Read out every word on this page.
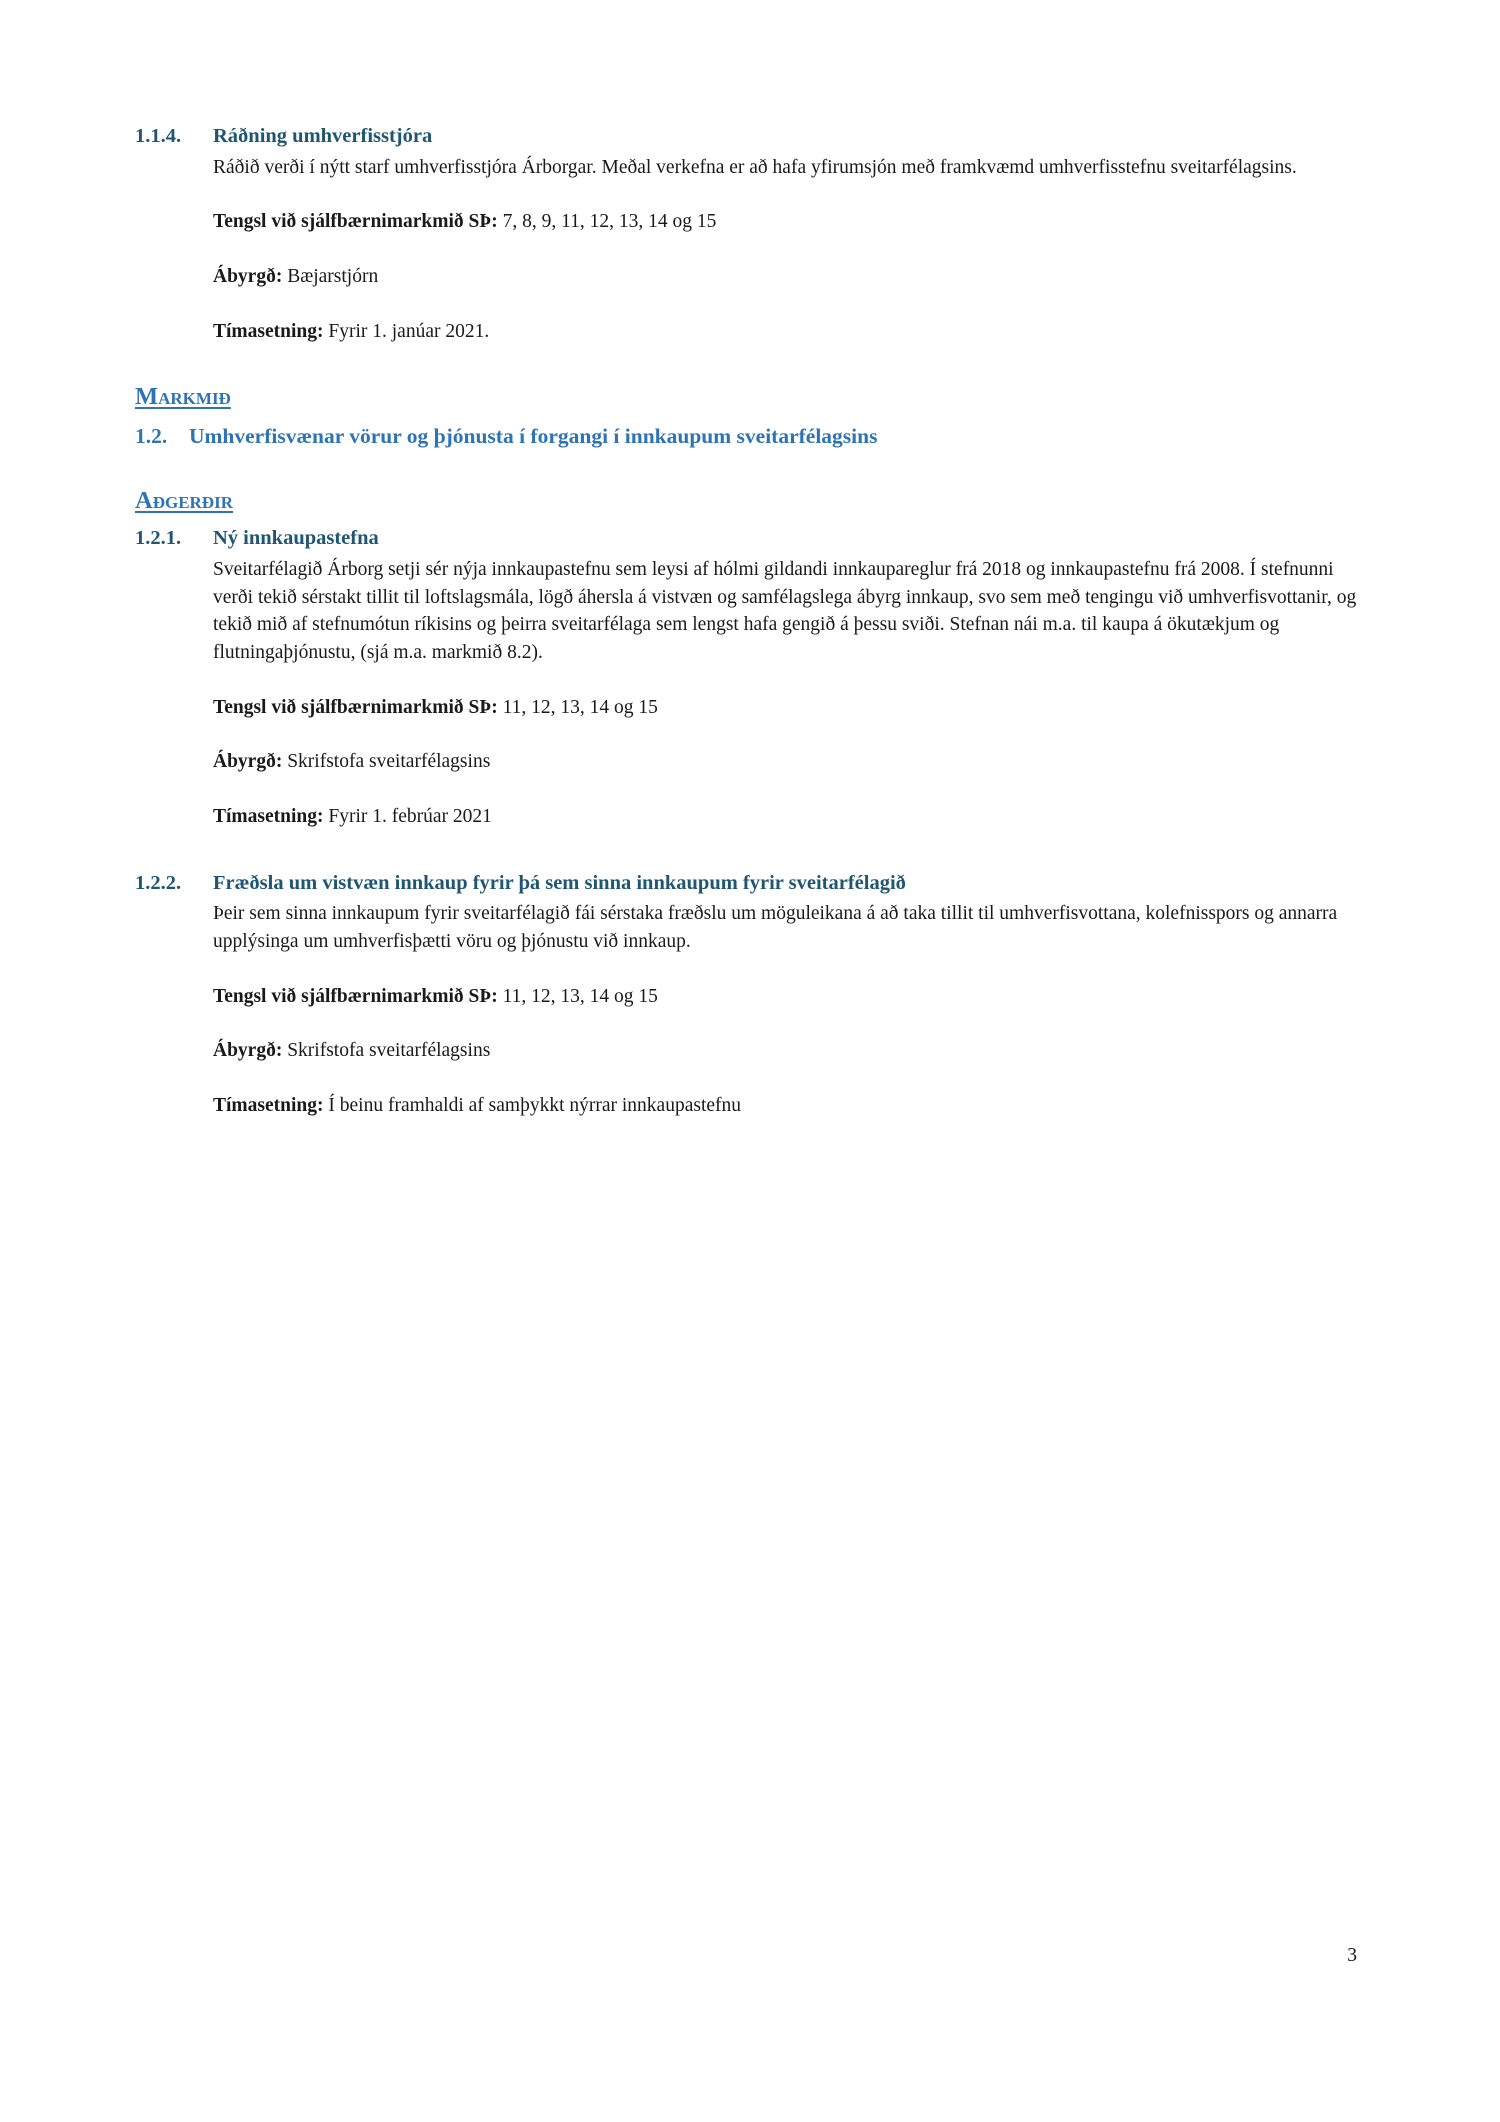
1.1.4.	Ráðning umhverfisstjóra

Ráðið verði í nýtt starf umhverfisstjóra Árborgar. Meðal verkefna er að hafa yfirumsjón með framkvæmd umhverfisstefnu sveitarfélagsins.

Tengsl við sjálfbærnimarkmið SÞ: 7, 8, 9, 11, 12, 13, 14 og 15

Ábyrgð: Bæjarstjórn

Tímasetning: Fyrir 1. janúar 2021.

Markmið
1.2.	Umhverfisvænar vörur og þjónusta í forgangi í innkaupum sveitarfélagsins
Aðgerðir
1.2.1.	Ný innkaupastefna

Sveitarfélagið Árborg setji sér nýja innkaupastefnu sem leysi af hólmi gildandi innkaupareglur frá 2018 og innkaupastefnu frá 2008. Í stefnunni verði tekið sérstakt tillit til loftslagsmála, lögð áhersla á vistvæn og samfélagslega ábyrg innkaup, svo sem með tengingu við umhverfisvottanir, og tekið mið af stefnumótun ríkisins og þeirra sveitarfélaga sem lengst hafa gengið á þessu sviði. Stefnan nái m.a. til kaupa á ökutækjum og flutningaþjónustu, (sjá m.a. markmið 8.2).

Tengsl við sjálfbærnimarkmið SÞ: 11, 12, 13, 14 og 15

Ábyrgð: Skrifstofa sveitarfélagsins

Tímasetning: Fyrir 1. febrúar 2021

1.2.2.	Fræðsla um vistvæn innkaup fyrir þá sem sinna innkaupum fyrir sveitarfélagið

Þeir sem sinna innkaupum fyrir sveitarfélagið fái sérstaka fræðslu um möguleikana á að taka tillit til umhverfisvottana, kolefnisspors og annarra upplýsinga um umhverfisþætti vöru og þjónustu við innkaup.

Tengsl við sjálfbærnimarkmið SÞ: 11, 12, 13, 14 og 15

Ábyrgð: Skrifstofa sveitarfélagsins

Tímasetning: Í beinu framhaldi af samþykkt nýrrar innkaupastefnu

3
